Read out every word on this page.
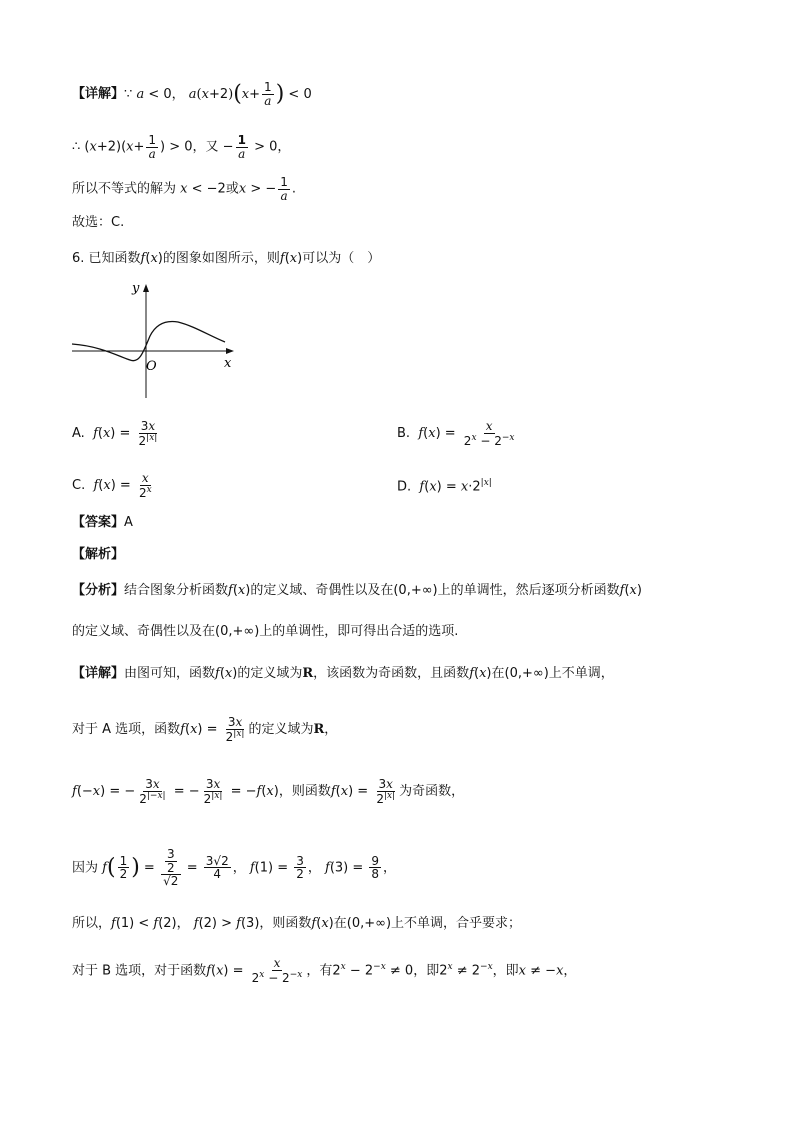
【详解】∵ a < 0， $a(x+2)(x+ \frac{1}{a}$ ) < 0
∴ $(x+2)(x+ \frac{1}{a}$ ) > 0，又 − $\frac{1}{a} > 0$，
所以不等式的解为 x < −2或x > − $\frac{1}{a}$ .
故选：C.
6. 已知函数f(x)的图象如图所示，则f(x)可以为（　）
y
x
O
A. $f(x) = \frac{3x}{2^{|x|}}$	B. $f(x) = \frac{x}{2^x - 2^{-x}}$
C. $f(x) = \frac{x}{2^x}$	D. $f(x) = x\cdot 2^{|x|}$
【答案】A
【解析】
【分析】结合图象分析函数f(x)的定义域、奇偶性以及在(0,+∞)上的单调性，然后逐项分析函数f(x)
的定义域、奇偶性以及在(0,+∞)上的单调性，即可得出合适的选项.
【详解】由图可知，函数f(x)的定义域为R，该函数为奇函数，且函数f(x)在(0,+∞)上不单调，
对于 A 选项，函数$f(x) = \frac{3x}{2^{|x|}}$ 的定义域为R，
f(−x) = − $\frac{3x}{2^{|-x|}}$ = − $\frac{3x}{2^{|x|}} = -f(x)$，则函数$f(x) = \frac{3x}{2^{|x|}}$ 为奇函数，
因为 $f( \frac{1}{2}$ ) = $\frac{\frac{3}{2}}{√2} = \frac{3√2}{4}$ ， $f(1) = \frac{3}{2}$ ， $f(3) = \frac{9}{8}$ ，
所以，f(1) < f(2)， f(2) > f(3)，则函数f(x)在(0,+∞)上不单调，合乎要求；
对于 B 选项，对于函数$f(x) = \frac{x}{2^x - 2^{-x}}$ ，有$2^x - 2^{-x} \ne 0$，即$2^x \ne 2^{-x}$，即x ≠ −x，
